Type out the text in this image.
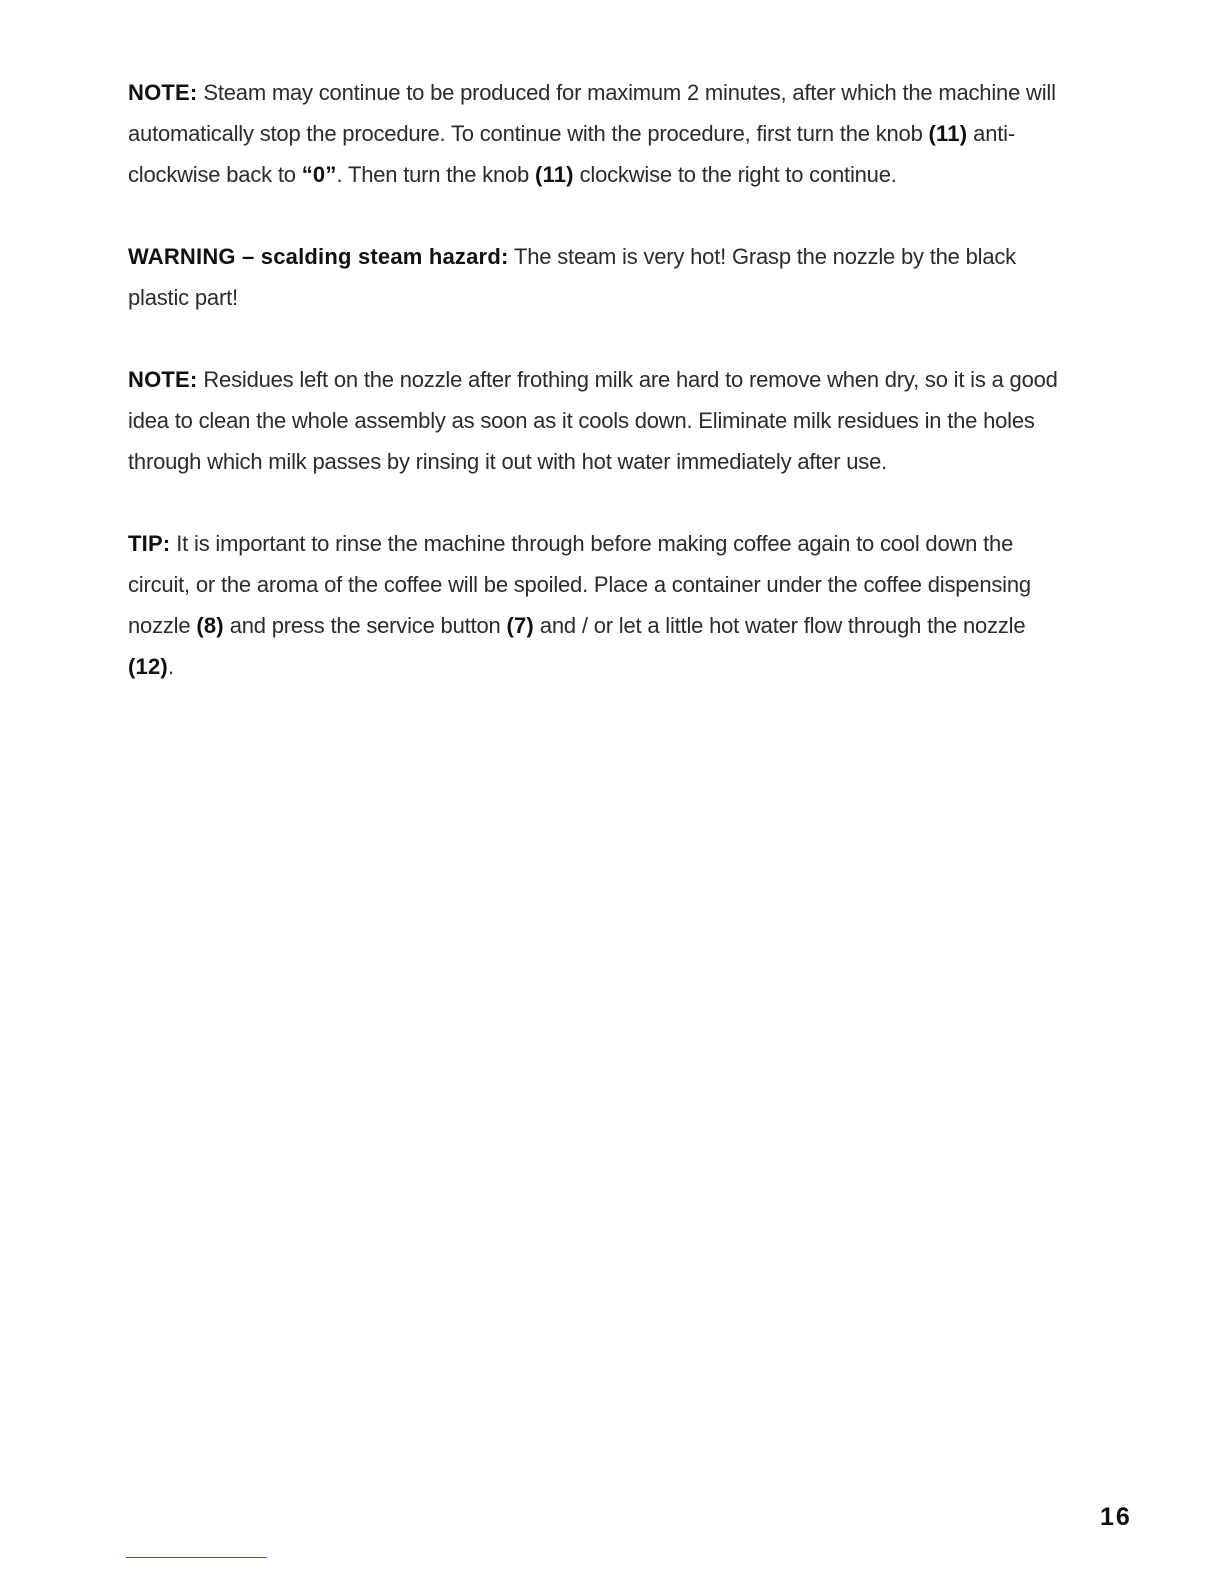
NOTE: Steam may continue to be produced for maximum 2 minutes, after which the machine will automatically stop the procedure. To continue with the procedure, first turn the knob (11) anti-clockwise back to “0”. Then turn the knob (11) clockwise to the right to continue.

WARNING – scalding steam hazard: The steam is very hot! Grasp the nozzle by the black plastic part!

NOTE: Residues left on the nozzle after frothing milk are hard to remove when dry, so it is a good idea to clean the whole assembly as soon as it cools down. Eliminate milk residues in the holes through which milk passes by rinsing it out with hot water immediately after use.

TIP: It is important to rinse the machine through before making coffee again to cool down the circuit, or the aroma of the coffee will be spoiled. Place a container under the coffee dispensing nozzle (8) and press the service button (7) and / or let a little hot water flow through the nozzle (12).

16
